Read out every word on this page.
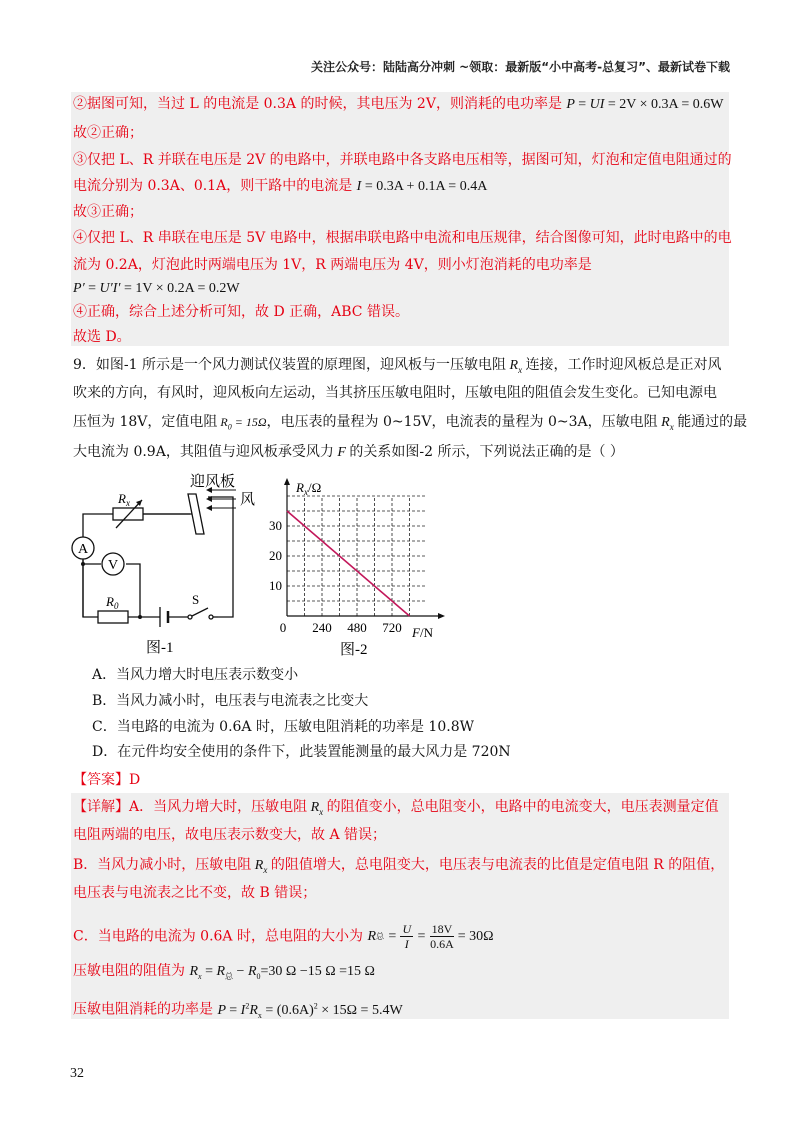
关注公众号：陆陆高分冲刺 ~领取：最新版“小中高考-总复习”、最新试卷下载
②据图可知，当过 L 的电流是 0.3A 的时候，其电压为 2V，则消耗的电功率是 P = UI = 2V × 0.3A = 0.6W
故②正确；
③仅把 L、R 并联在电压是 2V 的电路中，并联电路中各支路电压相等，据图可知，灯泡和定值电阻通过的
电流分别为 0.3A、0.1A，则干路中的电流是 I = 0.3A + 0.1A = 0.4A
故③正确；
④仅把 L、R 串联在电压是 5V 电路中，根据串联电路中电流和电压规律，结合图像可知，此时电路中的电
流为 0.2A，灯泡此时两端电压为 1V，R 两端电压为 4V，则小灯泡消耗的电功率是
P′ = U′I′ = 1V × 0.2A = 0.2W
④正确，综合上述分析可知，故 D 正确，ABC 错误。
故选 D。
9．如图-1 所示是一个风力测试仪装置的原理图，迎风板与一压敏电阻 $R_x$ 连接，工作时迎风板总是正对风
吹来的方向，有风时，迎风板向左运动，当其挤压压敏电阻时，压敏电阻的阻值会发生变化。已知电源电
压恒为 18V，定值电阻 $R_0 = 15\Omega$，电压表的量程为 0~15V，电流表的量程为 0~3A，压敏电阻 $R_x$ 能通过的最
大电流为 0.9A，其阻值与迎风板承受风力 F 的关系如图-2 所示，下列说法正确的是（ ）
A
V
$R_x$
迎风板
风
$R_0$	S
图-1
0 240 480 720
10
20
30
$R_x/\Omega$
F/N
图-2
A．当风力增大时电压表示数变小
B．当风力减小时，电压表与电流表之比变大
C．当电路的电流为 0.6A 时，压敏电阻消耗的功率是 10.8W
D．在元件均安全使用的条件下，此装置能测量的最大风力是 720N
【答案】D
【详解】A．当风力增大时，压敏电阻 $R_x$ 的阻值变小，总电阻变小，电路中的电流变大，电压表测量定值
电阻两端的电压，故电压表示数变大，故 A 错误；
B．当风力减小时，压敏电阻 $R_x$ 的阻值增大，总电阻变大，电压表与电流表的比值是定值电阻 R 的阻值，
电压表与电流表之比不变，故 B 错误；
C．当电路的电流为 0.6A 时，总电阻的大小为 R 总 = U
I
= $\frac{18V}{0.6A} = 30\Omega$
压敏电阻的阻值为 $R_x = R_总 - R_0=30$ Ω −15 Ω =15 Ω
压敏电阻消耗的功率是 $P = I^2R_x = (0.6A)^2 \times 15\Omega = 5.4W$
32
